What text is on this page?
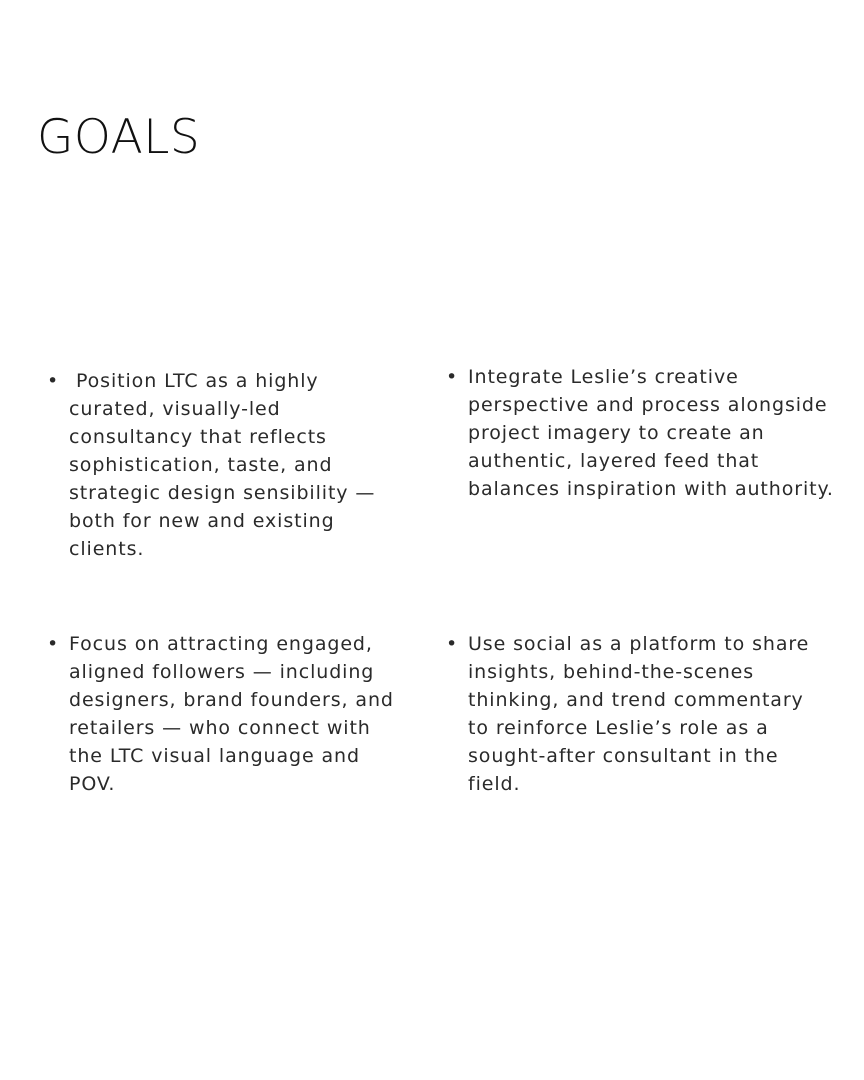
GOALS
• Position LTC as a highly curated, visually-led consultancy that reflects sophistication, taste, and strategic design sensibility — both for new and existing clients.
• Integrate Leslie’s creative perspective and process alongside project imagery to create an authentic, layered feed that balances inspiration with authority.
• Focus on attracting engaged, aligned followers — including designers, brand founders, and retailers — who connect with the LTC visual language and POV.
• Use social as a platform to share insights, behind-the-scenes thinking, and trend commentary to reinforce Leslie’s role as a sought-after consultant in the field.
